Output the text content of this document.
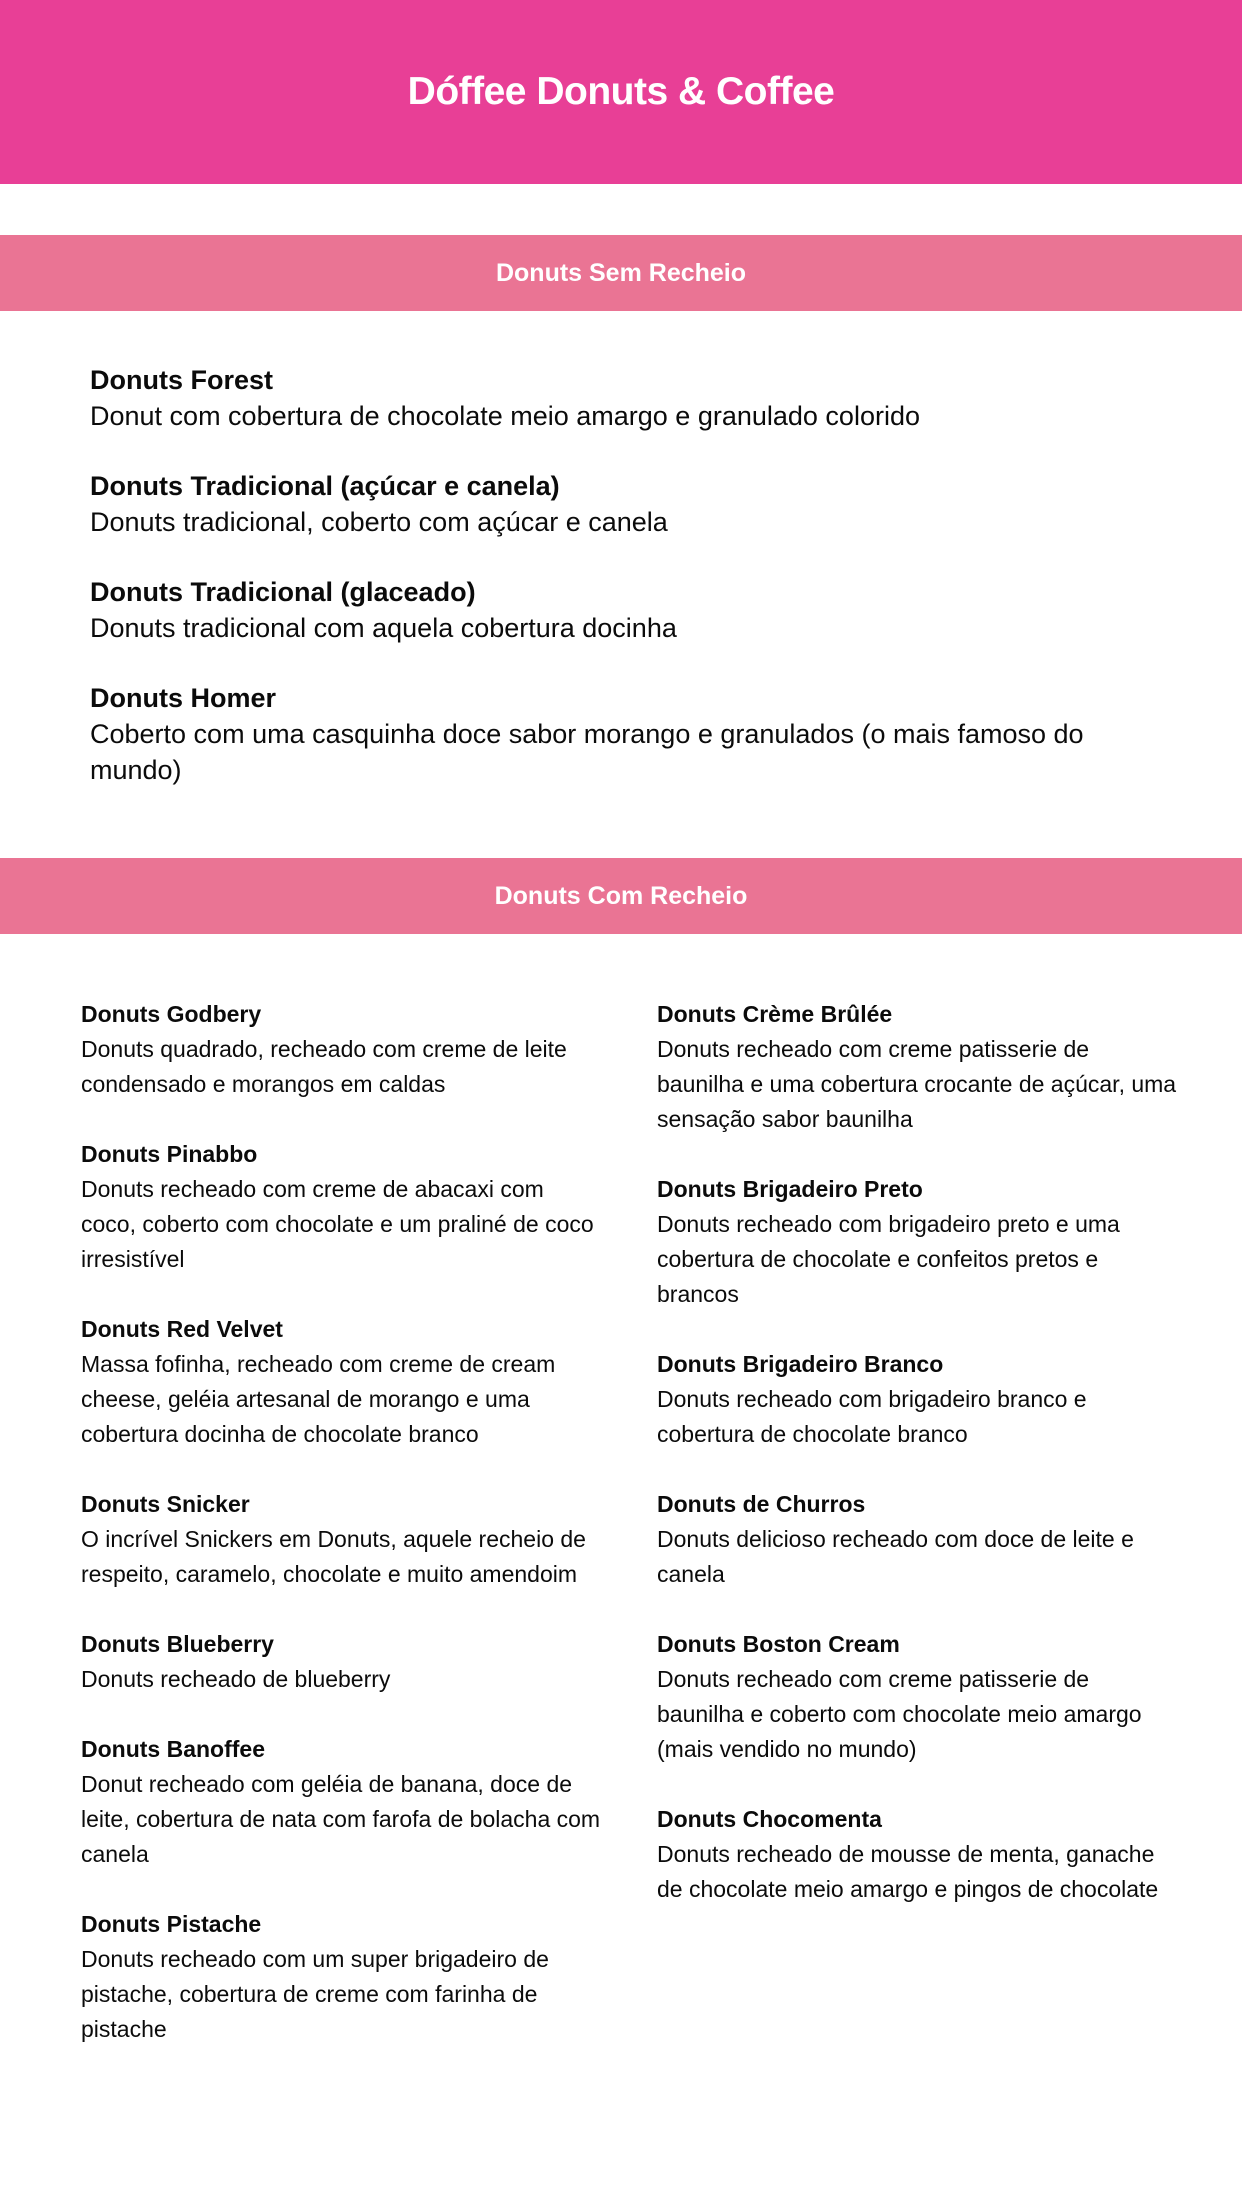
Dóffee Donuts & Coffee
Donuts Sem Recheio
Donuts Forest
Donut com cobertura de chocolate meio amargo e granulado colorido
Donuts Tradicional (açúcar e canela)
Donuts tradicional, coberto com açúcar e canela
Donuts Tradicional (glaceado)
Donuts tradicional com aquela cobertura docinha
Donuts Homer
Coberto com uma casquinha doce sabor morango e granulados (o mais famoso do mundo)
Donuts Com Recheio
Donuts Godbery
Donuts quadrado, recheado com creme de leite condensado e morangos em caldas
Donuts Pinabbo
Donuts recheado com creme de abacaxi com coco, coberto com chocolate e um praliné de coco irresistível
Donuts Red Velvet
Massa fofinha, recheado com creme de cream cheese, geléia artesanal de morango e uma cobertura docinha de chocolate branco
Donuts Snicker
O incrível Snickers em Donuts, aquele recheio de respeito, caramelo, chocolate e muito amendoim
Donuts Blueberry
Donuts recheado de blueberry
Donuts Banoffee
Donut recheado com geléia de banana, doce de leite, cobertura de nata com farofa de bolacha com canela
Donuts Pistache
Donuts recheado com um super brigadeiro de pistache, cobertura de creme com farinha de pistache
Donuts Crème Brûlée
Donuts recheado com creme patisserie de baunilha e uma cobertura crocante de açúcar, uma sensação sabor baunilha
Donuts Brigadeiro Preto
Donuts recheado com brigadeiro preto e uma cobertura de chocolate e confeitos pretos e brancos
Donuts Brigadeiro Branco
Donuts recheado com brigadeiro branco e cobertura de chocolate branco
Donuts de Churros
Donuts delicioso recheado com doce de leite e canela
Donuts Boston Cream
Donuts recheado com creme patisserie de baunilha e coberto com chocolate meio amargo (mais vendido no mundo)
Donuts Chocomenta
Donuts recheado de mousse de menta, ganache de chocolate meio amargo e pingos de chocolate
